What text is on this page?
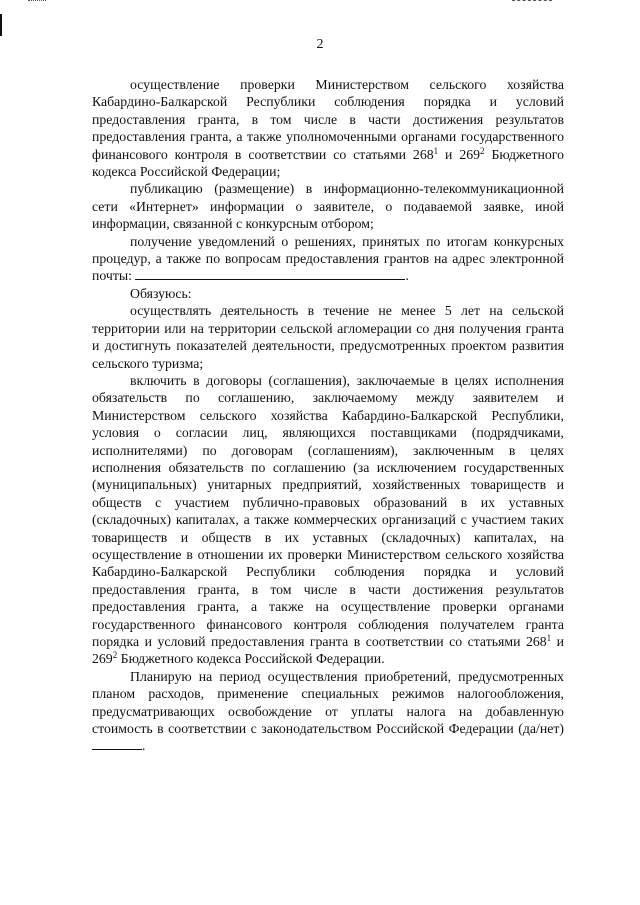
2

осуществление проверки Министерством сельского хозяйства Кабардино-Балкарской Республики соблюдения порядка и условий предоставления гранта, в том числе в части достижения результатов предоставления гранта, а также уполномоченными органами государственного финансового контроля в соответствии со статьями $268^1$ и $269^2$ Бюджетного кодекса Российской Федерации;

публикацию (размещение) в информационно-телекоммуникационной сети «Интернет» информации о заявителе, о подаваемой заявке, иной информации, связанной с конкурсным отбором;

получение уведомлений о решениях, принятых по итогам конкурсных процедур, а также по вопросам предоставления грантов на адрес электронной почты:	.

Обязуюсь:

осуществлять деятельность в течение не менее 5 лет на сельской территории или на территории сельской агломерации со дня получения гранта и достигнуть показателей деятельности, предусмотренных проектом развития сельского туризма;

включить в договоры (соглашения), заключаемые в целях исполнения обязательств по соглашению, заключаемому между заявителем и Министерством сельского хозяйства Кабардино-Балкарской Республики, условия о согласии лиц, являющихся поставщиками (подрядчиками, исполнителями) по договорам (соглашениям), заключенным в целях исполнения обязательств по соглашению (за исключением государственных (муниципальных) унитарных предприятий, хозяйственных товариществ и обществ с участием публично-правовых образований в их уставных (складочных) капиталах, а также коммерческих организаций с участием таких товариществ и обществ в их уставных (складочных) капиталах, на осуществление в отношении их проверки Министерством сельского хозяйства Кабардино-Балкарской Республики соблюдения порядка и условий предоставления гранта, в том числе в части достижения результатов предоставления гранта, а также на осуществление проверки органами государственного финансового контроля соблюдения получателем гранта порядка и условий предоставления гранта в соответствии со статьями $268^1$ и $269^2$ Бюджетного кодекса Российской Федерации.

Планирую на период осуществления приобретений, предусмотренных планом расходов, применение специальных режимов налогообложения, предусматривающих освобождение от уплаты налога на добавленную стоимость в соответствии с законодательством Российской Федерации (да/нет).
